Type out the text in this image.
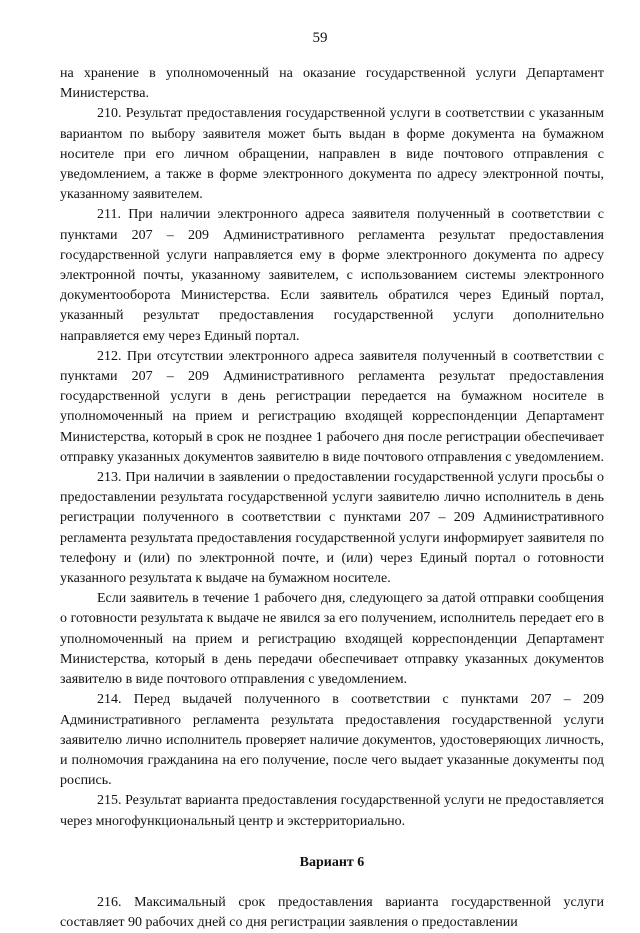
59

на хранение в уполномоченный на оказание государственной услуги Департамент Министерства.

210. Результат предоставления государственной услуги в соответствии с указанным вариантом по выбору заявителя может быть выдан в форме документа на бумажном носителе при его личном обращении, направлен в виде почтового отправления с уведомлением, а также в форме электронного документа по адресу электронной почты, указанному заявителем.

211. При наличии электронного адреса заявителя полученный в соответствии с пунктами 207 – 209 Административного регламента результат предоставления государственной услуги направляется ему в форме электронного документа по адресу электронной почты, указанному заявителем, с использованием системы электронного документооборота Министерства. Если заявитель обратился через Единый портал, указанный результат предоставления государственной услуги дополнительно направляется ему через Единый портал.

212. При отсутствии электронного адреса заявителя полученный в соответствии с пунктами 207 – 209 Административного регламента результат предоставления государственной услуги в день регистрации передается на бумажном носителе в уполномоченный на прием и регистрацию входящей корреспонденции Департамент Министерства, который в срок не позднее 1 рабочего дня после регистрации обеспечивает отправку указанных документов заявителю в виде почтового отправления с уведомлением.

213. При наличии в заявлении о предоставлении государственной услуги просьбы о предоставлении результата государственной услуги заявителю лично исполнитель в день регистрации полученного в соответствии с пунктами 207 – 209 Административного регламента результата предоставления государственной услуги информирует заявителя по телефону и (или) по электронной почте, и (или) через Единый портал о готовности указанного результата к выдаче на бумажном носителе.

Если заявитель в течение 1 рабочего дня, следующего за датой отправки сообщения о готовности результата к выдаче не явился за его получением, исполнитель передает его в уполномоченный на прием и регистрацию входящей корреспонденции Департамент Министерства, который в день передачи обеспечивает отправку указанных документов заявителю в виде почтового отправления с уведомлением.

214. Перед выдачей полученного в соответствии с пунктами 207 – 209 Административного регламента результата предоставления государственной услуги заявителю лично исполнитель проверяет наличие документов, удостоверяющих личность, и полномочия гражданина на его получение, после чего выдает указанные документы под роспись.

215. Результат варианта предоставления государственной услуги не предоставляется через многофункциональный центр и экстерриториально.

Вариант 6

216. Максимальный срок предоставления варианта государственной услуги составляет 90 рабочих дней со дня регистрации заявления о предоставлении
